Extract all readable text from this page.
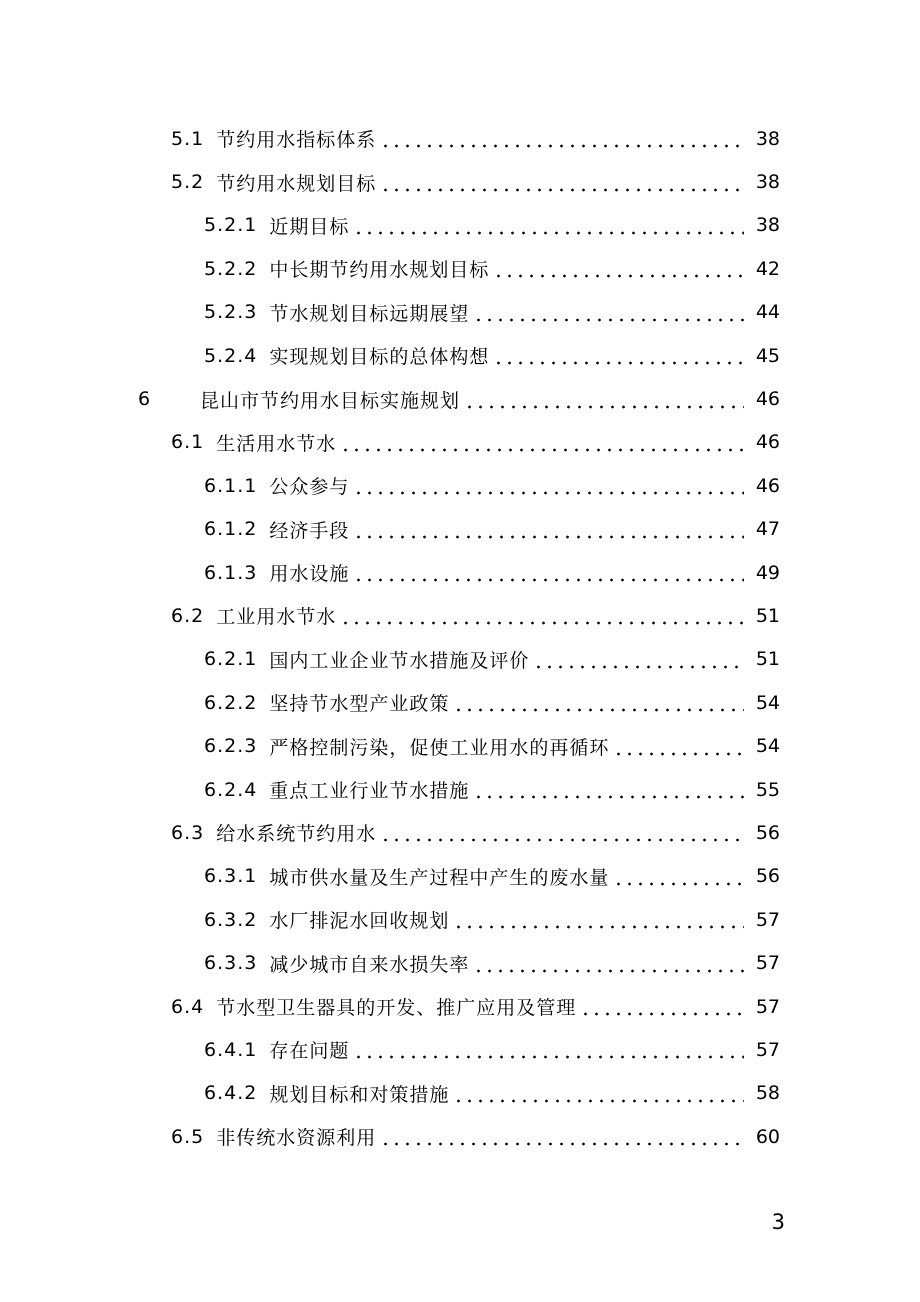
5.1 节约用水指标体系	38
5.2 节约用水规划目标	38
5.2.1 近期目标	38
5.2.2 中长期节约用水规划目标	42
5.2.3 节水规划目标远期展望	44
5.2.4 实现规划目标的总体构想	45
6	昆山市节约用水目标实施规划	46
6.1 生活用水节水	46
6.1.1 公众参与	46
6.1.2 经济手段	47
6.1.3 用水设施	49
6.2 工业用水节水	51
6.2.1 国内工业企业节水措施及评价	51
6.2.2 坚持节水型产业政策	54
6.2.3 严格控制污染，促使工业用水的再循环	54
6.2.4 重点工业行业节水措施	55
6.3 给水系统节约用水	56
6.3.1 城市供水量及生产过程中产生的废水量	56
6.3.2 水厂排泥水回收规划	57
6.3.3 减少城市自来水损失率	57
6.4 节水型卫生器具的开发、推广应用及管理	57
6.4.1 存在问题	57
6.4.2 规划目标和对策措施	58
6.5 非传统水资源利用	60
3
